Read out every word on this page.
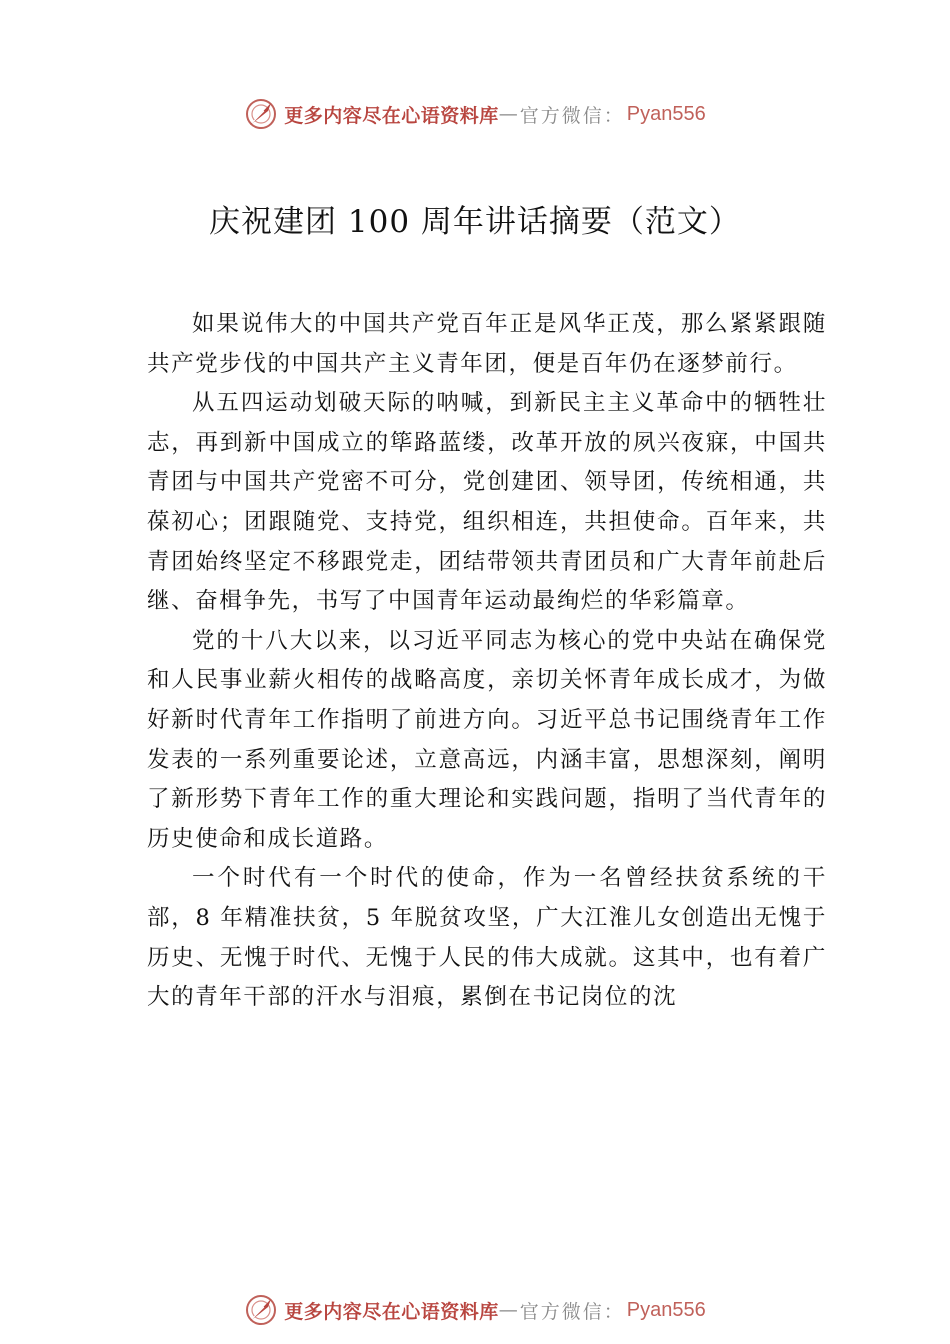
更多内容尽在心语资料库 — 官方微信： Pyan556
庆祝建团 100 周年讲话摘要（范文）

如果说伟大的中国共产党百年正是风华正茂，那么紧紧跟随共产党步伐的中国共产主义青年团，便是百年仍在逐梦前行。

从五四运动划破天际的呐喊，到新民主主义革命中的牺牲壮志，再到新中国成立的筚路蓝缕，改革开放的夙兴夜寐，中国共青团与中国共产党密不可分，党创建团、领导团，传统相通，共葆初心；团跟随党、支持党，组织相连，共担使命。百年来，共青团始终坚定不移跟党走，团结带领共青团员和广大青年前赴后继、奋楫争先，书写了中国青年运动最绚烂的华彩篇章。

党的十八大以来，以习近平同志为核心的党中央站在确保党和人民事业薪火相传的战略高度，亲切关怀青年成长成才，为做好新时代青年工作指明了前进方向。习近平总书记围绕青年工作发表的一系列重要论述，立意高远，内涵丰富，思想深刻，阐明了新形势下青年工作的重大理论和实践问题，指明了当代青年的历史使命和成长道路。

一个时代有一个时代的使命，作为一名曾经扶贫系统的干部，8 年精准扶贫，5 年脱贫攻坚，广大江淮儿女创造出无愧于历史、无愧于时代、无愧于人民的伟大成就。这其中，也有着广大的青年干部的汗水与泪痕，累倒在书记岗位的沈

更多内容尽在心语资料库 — 官方微信： Pyan556
